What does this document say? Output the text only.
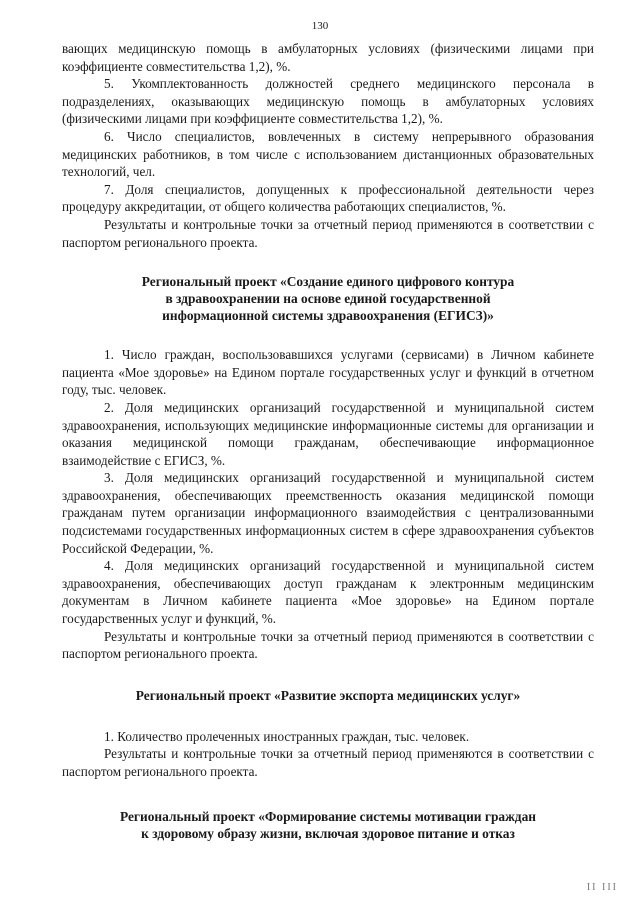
130

вающих медицинскую помощь в амбулаторных условиях (физическими лицами при коэффициенте совместительства 1,2), %.

5. Укомплектованность должностей среднего медицинского персонала в подразделениях, оказывающих медицинскую помощь в амбулаторных условиях (физическими лицами при коэффициенте совместительства 1,2), %.

6. Число специалистов, вовлеченных в систему непрерывного образования медицинских работников, в том числе с использованием дистанционных образовательных технологий, чел.

7. Доля специалистов, допущенных к профессиональной деятельности через процедуру аккредитации, от общего количества работающих специалистов, %.

Результаты и контрольные точки за отчетный период применяются в соответствии с паспортом регионального проекта.

Региональный проект «Создание единого цифрового контура
в здравоохранении на основе единой государственной
информационной системы здравоохранения (ЕГИСЗ)»

1. Число граждан, воспользовавшихся услугами (сервисами) в Личном кабинете пациента «Мое здоровье» на Едином портале государственных услуг и функций в отчетном году, тыс. человек.

2. Доля медицинских организаций государственной и муниципальной систем здравоохранения, использующих медицинские информационные системы для организации и оказания медицинской помощи гражданам, обеспечивающие информационное взаимодействие с ЕГИСЗ, %.

3. Доля медицинских организаций государственной и муниципальной систем здравоохранения, обеспечивающих преемственность оказания медицинской помощи гражданам путем организации информационного взаимодействия с централизованными подсистемами государственных информационных систем в сфере здравоохранения субъектов Российской Федерации, %.

4. Доля медицинских организаций государственной и муниципальной систем здравоохранения, обеспечивающих доступ гражданам к электронным медицинским документам в Личном кабинете пациента «Мое здоровье» на Едином портале государственных услуг и функций, %.

Результаты и контрольные точки за отчетный период применяются в соответствии с паспортом регионального проекта.

Региональный проект «Развитие экспорта медицинских услуг»

1. Количество пролеченных иностранных граждан, тыс. человек.

Результаты и контрольные точки за отчетный период применяются в соответствии с паспортом регионального проекта.

Региональный проект «Формирование системы мотивации граждан
к здоровому образу жизни, включая здоровое питание и отказ
II III
